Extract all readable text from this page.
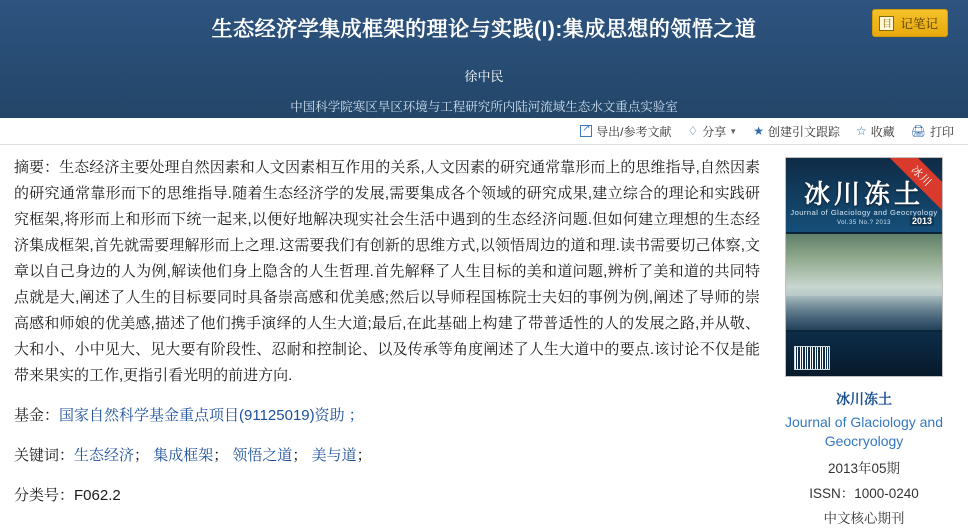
生态经济学集成框架的理论与实践(I):集成思想的领悟之道
徐中民
中国科学院寒区旱区环境与工程研究所内陆河流域生态水文重点实验室
目 记笔记
↗
导出/参考文献 ♢ 分享 ▼ ★ 创建引文跟踪 ☆ 收藏 🖨 打印

摘要：生态经济主要处理自然因素和人文因素相互作用的关系,人文因素的研究通常靠形而上的思维指导,自然因素的研究通常靠形而下的思维指导.随着生态经济学的发展,需要集成各个领域的研究成果,建立综合的理论和实践研究框架,将形而上和形而下统一起来,以便好地解决现实社会生活中遇到的生态经济问题.但如何建立理想的生态经济集成框架,首先就需要理解形而上之理.这需要我们有创新的思维方式,以领悟周边的道和理.读书需要切己体察,文章以自己身边的人为例,解读他们身上隐含的人生哲理.首先解释了人生目标的美和道问题,辨析了美和道的共同特点就是大,阐述了人生的目标要同时具备崇高感和优美感;然后以导师程国栋院士夫妇的事例为例,阐述了导师的崇高感和师娘的优美感,描述了他们携手演绎的人生大道;最后,在此基础上构建了带普适性的人的发展之路,并从敬、大和小、小中见大、见大要有阶段性、忍耐和控制论、以及传承等角度阐述了人生大道中的要点.该讨论不仅是能带来果实的工作,更指引看光明的前进方向.

基金：国家自然科学基金重点项目(91125019)资助 ；
关键词：生态经济； 集成框架； 领悟之道； 美与道；
分类号：F062.2
冰川冻土
Journal of Glaciology and Geocryology
Vol.35 No.? 2013	2013
冰川
冰川冻土
Journal of Glaciology and Geocryology
2013年05期
ISSN：1000-0240
中文核心期刊
